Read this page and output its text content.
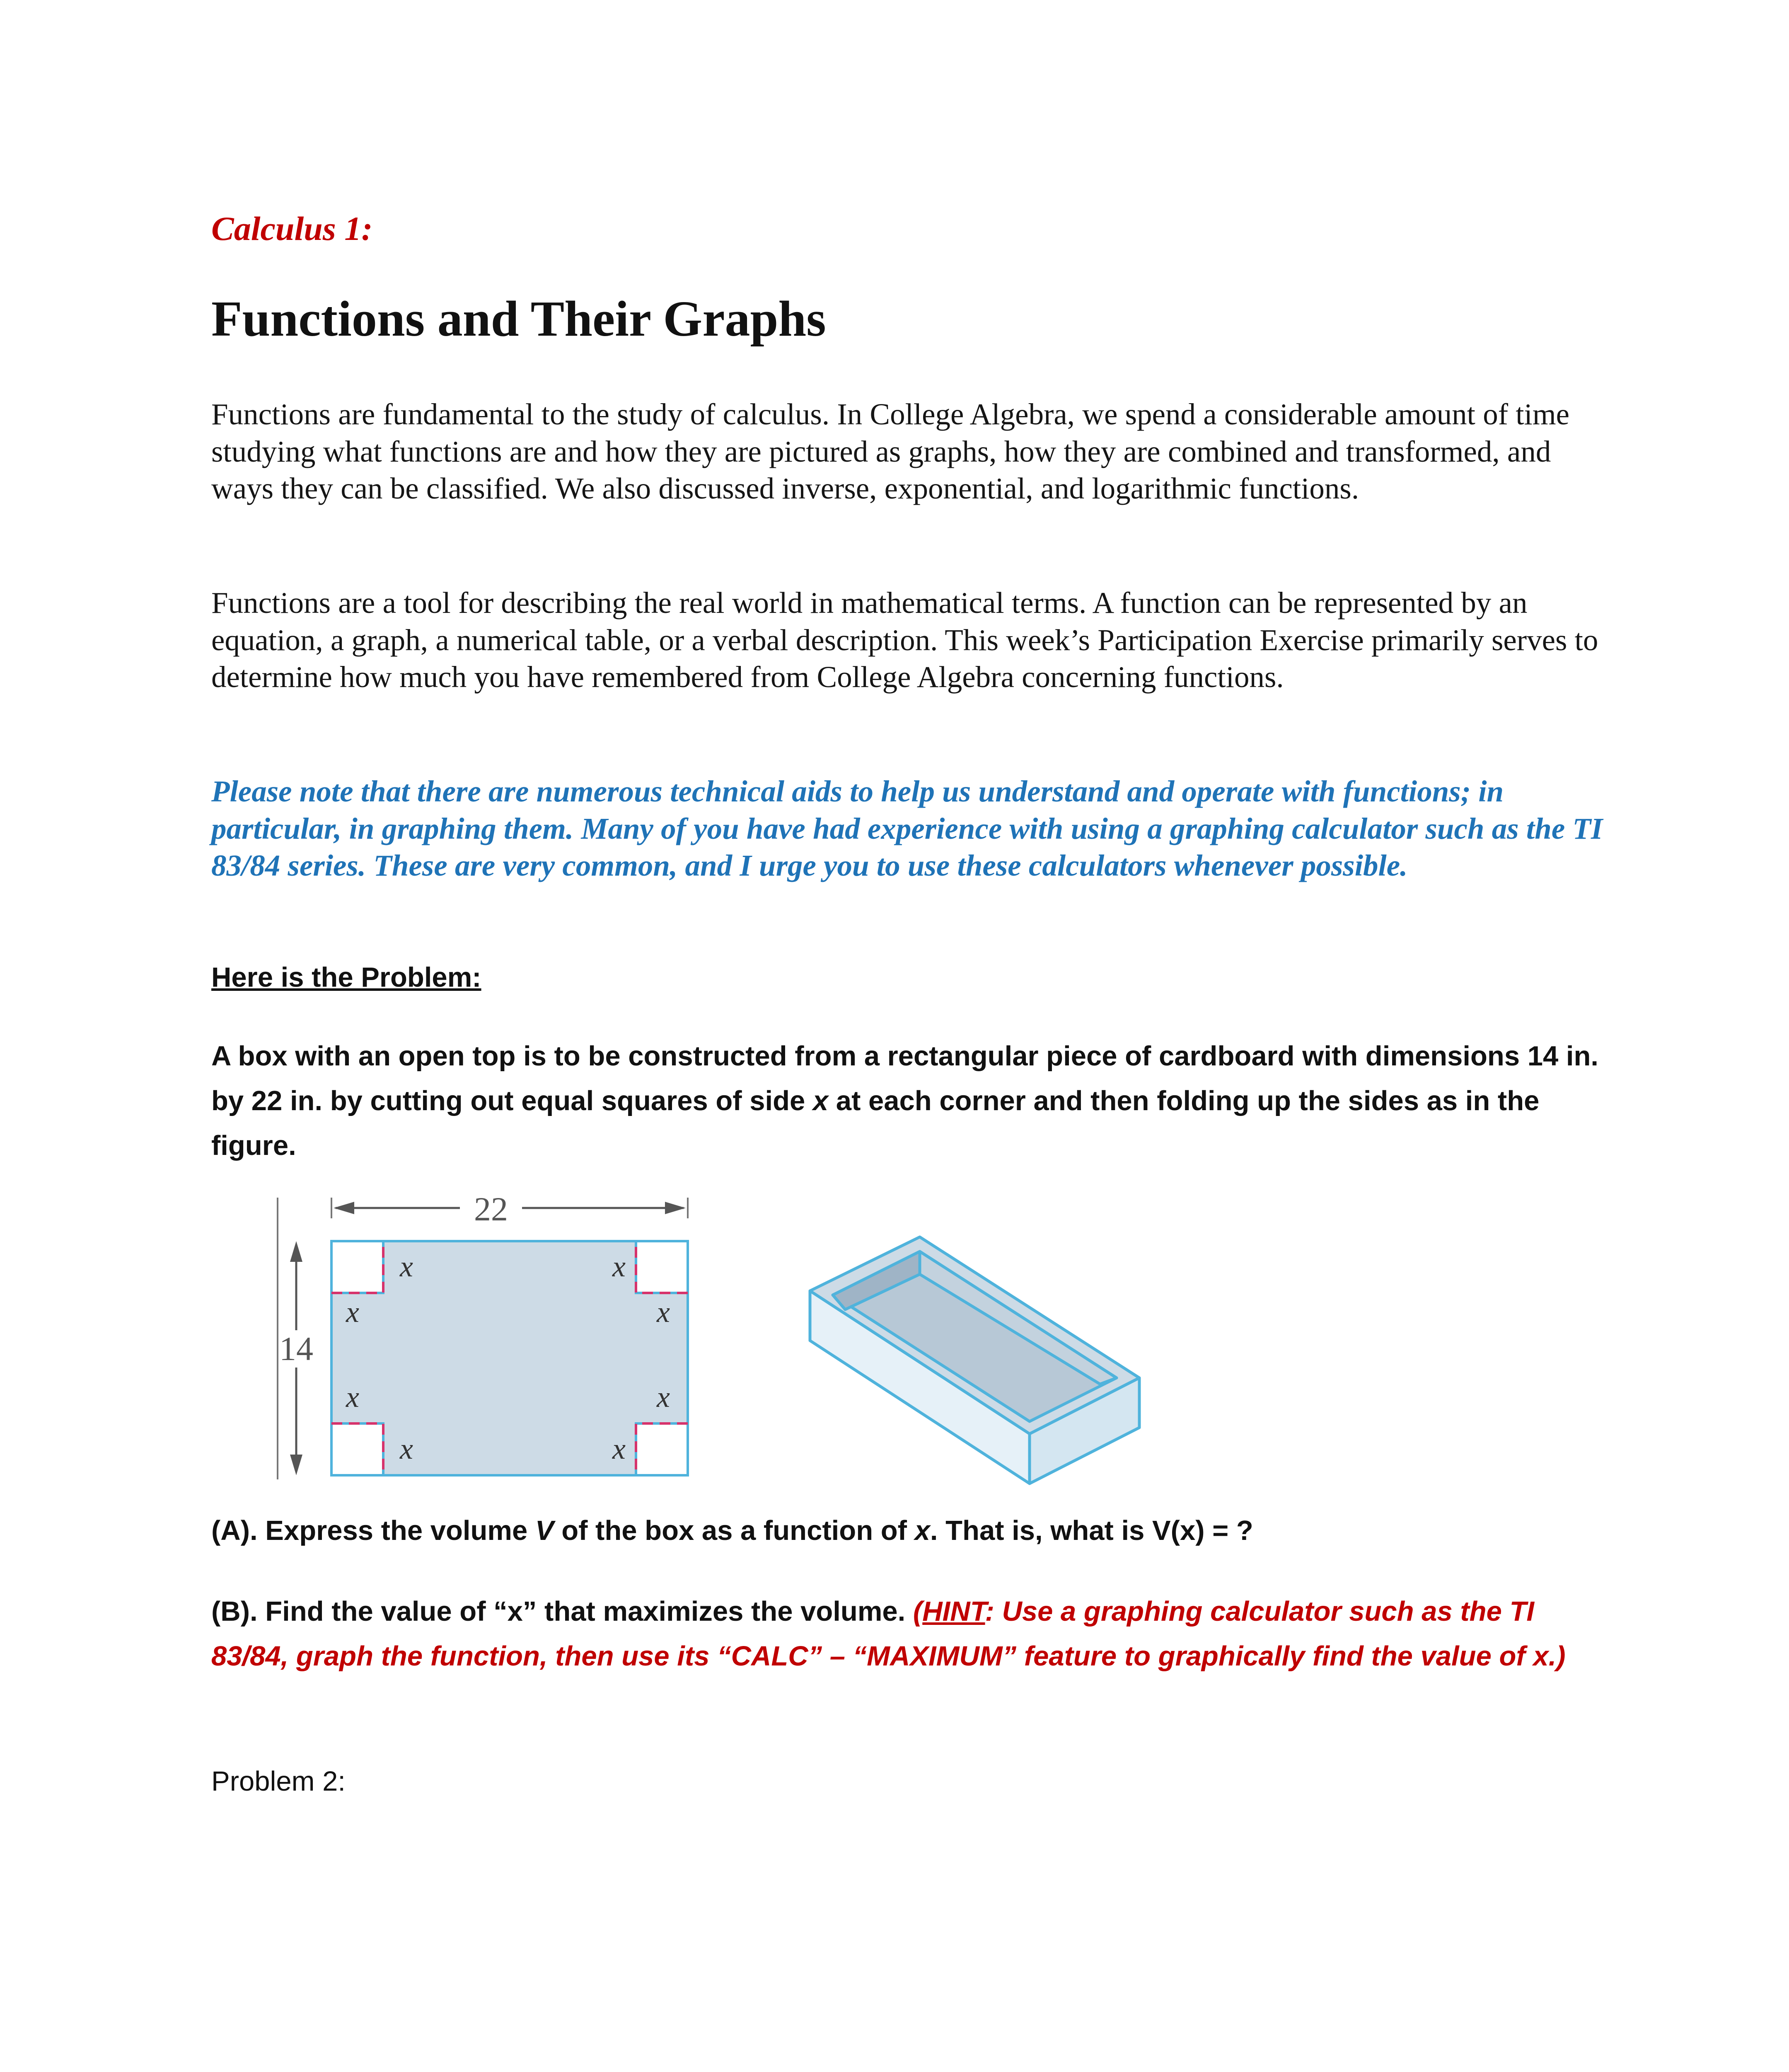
Calculus 1:
Functions and Their Graphs
Functions are fundamental to the study of calculus. In College Algebra, we spend a considerable amount of time studying what functions are and how they are pictured as graphs, how they are combined and transformed, and ways they can be classified. We also discussed inverse, exponential, and logarithmic functions.
Functions are a tool for describing the real world in mathematical terms. A function can be represented by an equation, a graph, a numerical table, or a verbal description. This week’s Participation Exercise primarily serves to determine how much you have remembered from College Algebra concerning functions.
Please note that there are numerous technical aids to help us understand and operate with functions; in particular, in graphing them. Many of you have had experience with using a graphing calculator such as the TI 83/84 series. These are very common, and I urge you to use these calculators whenever possible.
Here is the Problem:
A box with an open top is to be constructed from a rectangular piece of cardboard with dimensions 14 in. by 22 in. by cutting out equal squares of side x at each corner and then folding up the sides as in the figure.
22
14
x	x
x	x
x	x
x	x
(A). Express the volume V of the box as a function of x. That is, what is V(x) = ?
(B). Find the value of “x” that maximizes the volume. (HINT: Use a graphing calculator such as the TI 83/84, graph the function, then use its “CALC” – “MAXIMUM” feature to graphically find the value of x.)
Problem 2:
